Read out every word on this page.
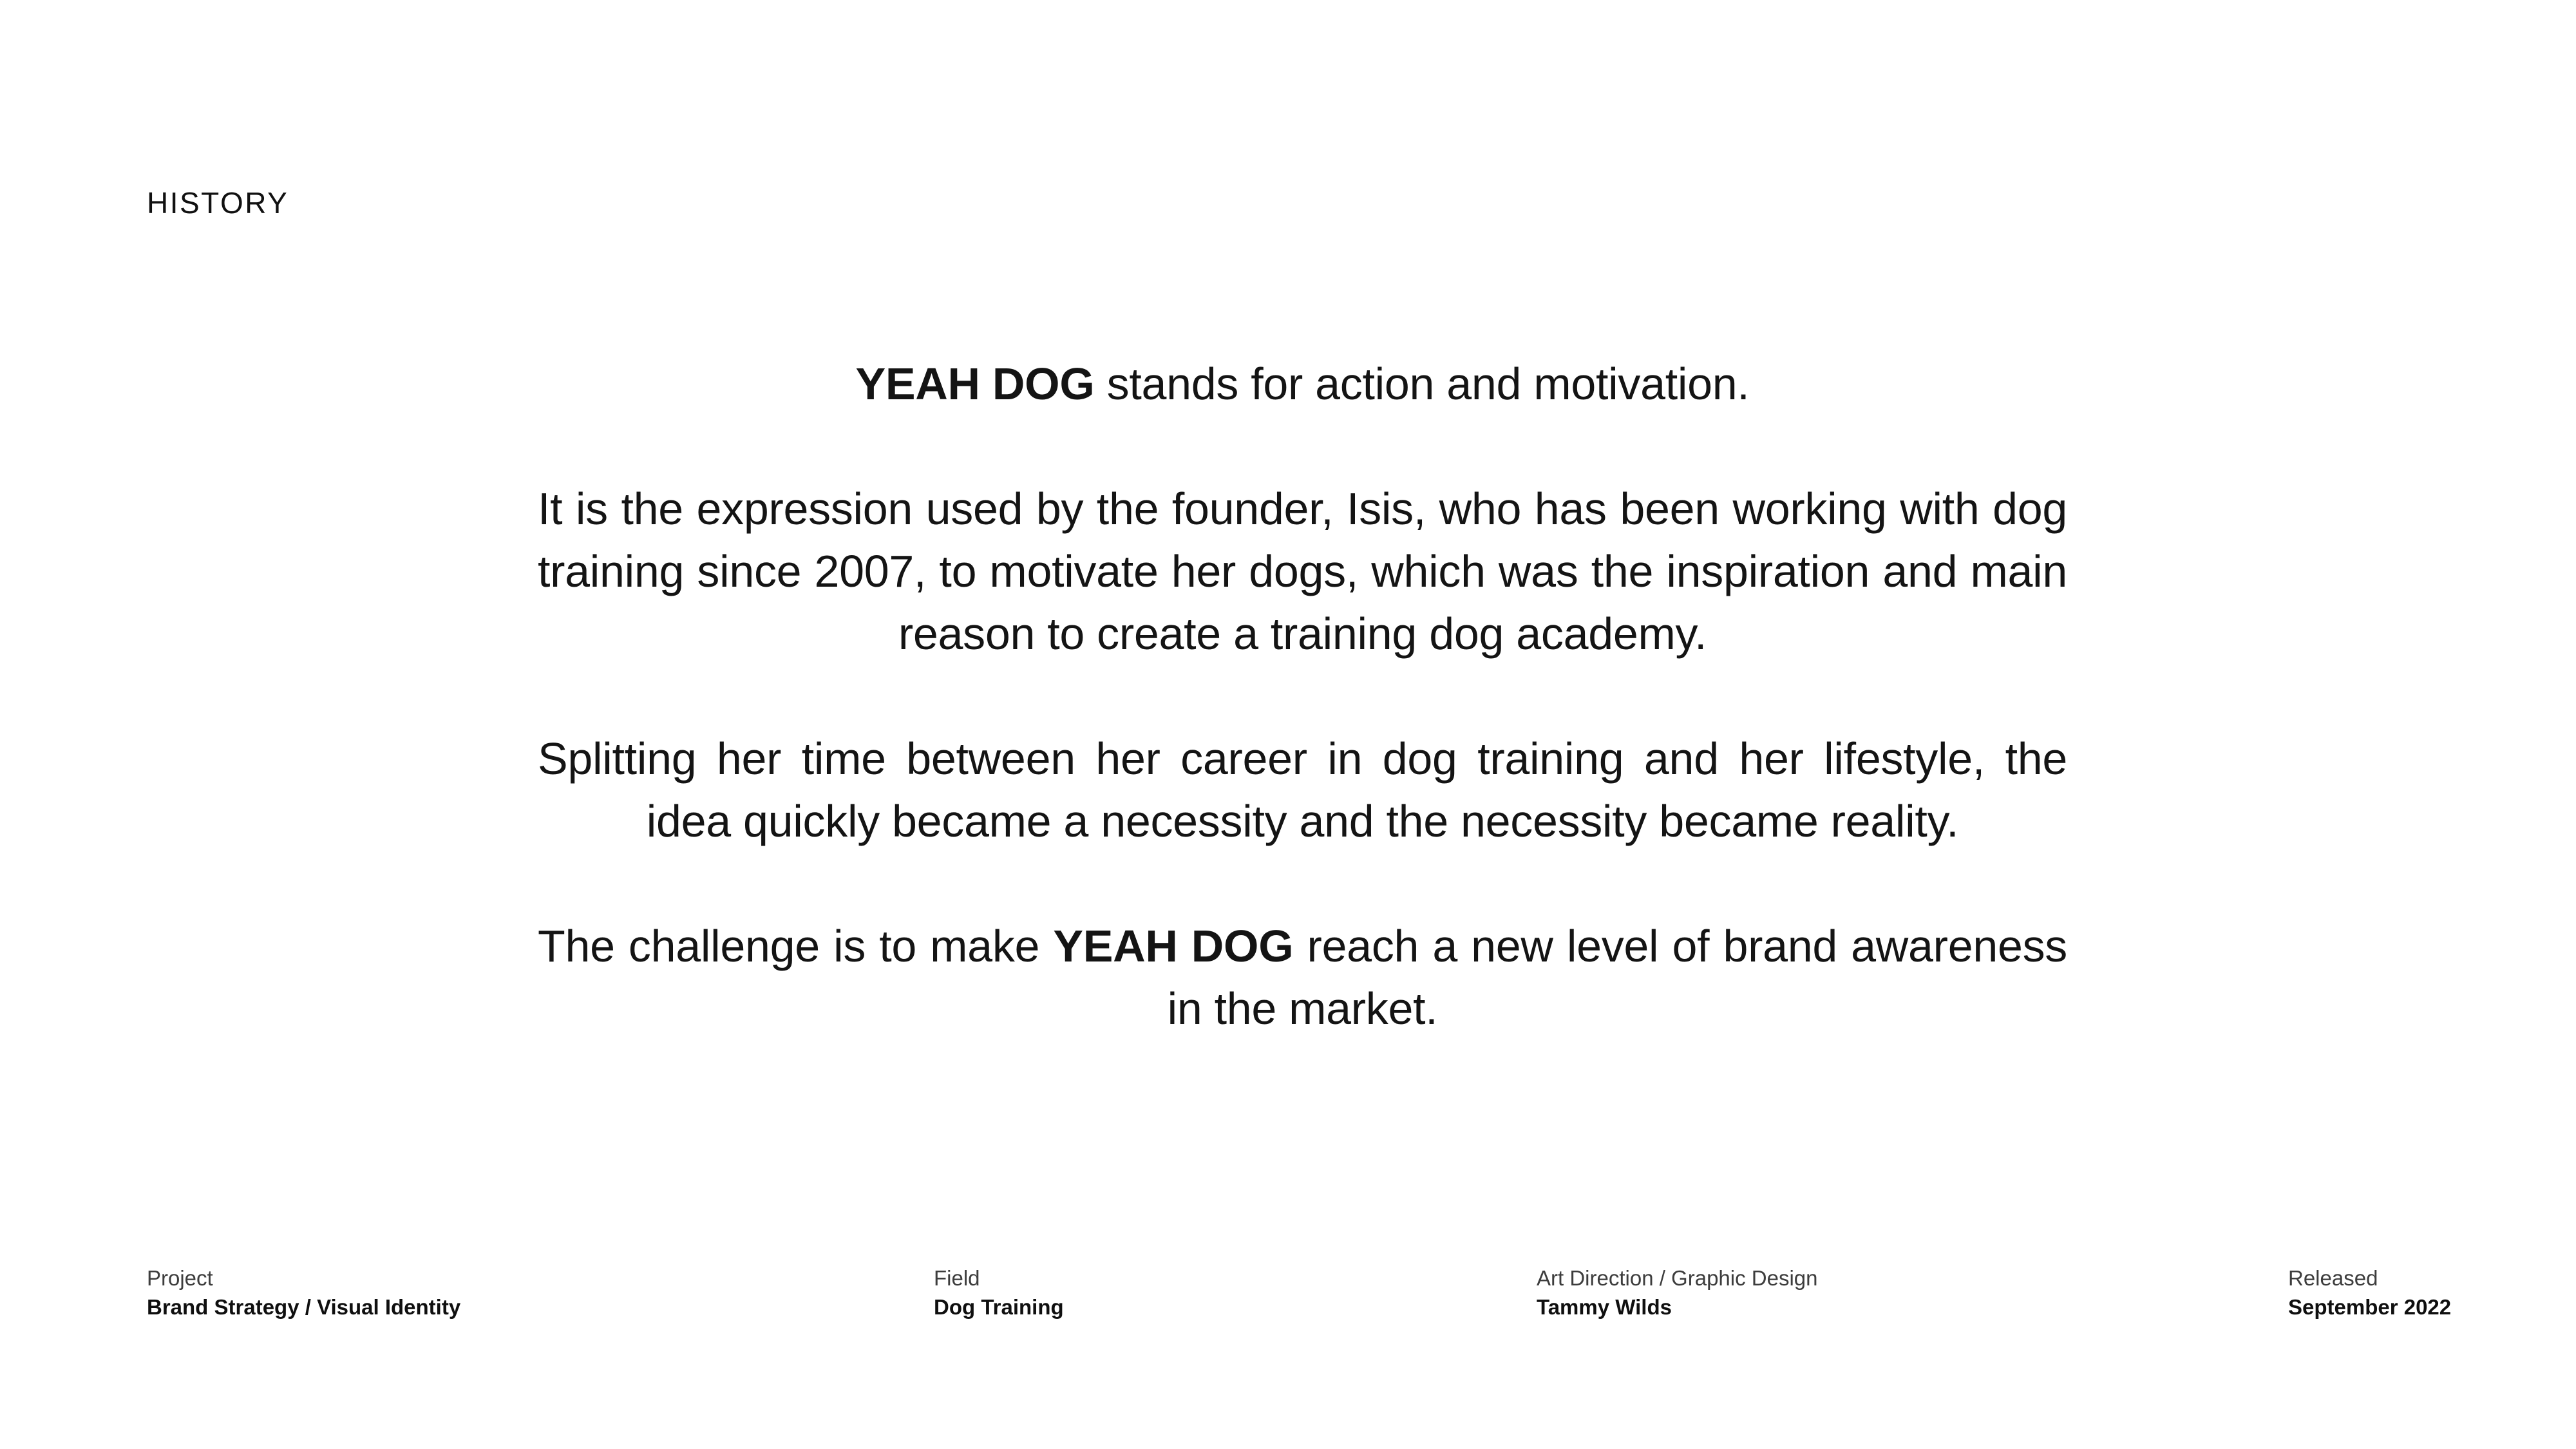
HISTORY

YEAH DOG stands for action and motivation.

It is the expression used by the founder, Isis, who has been working with dog training since 2007, to motivate her dogs, which was the inspiration and main reason to create a training dog academy.

Splitting her time between her career in dog training and her lifestyle, the idea quickly became a necessity and the necessity became reality.

The challenge is to make YEAH DOG reach a new level of brand awareness in the market.

Project
Brand Strategy / Visual Identity
Field
Dog Training
Art Direction / Graphic Design
Tammy Wilds
Released
September 2022
